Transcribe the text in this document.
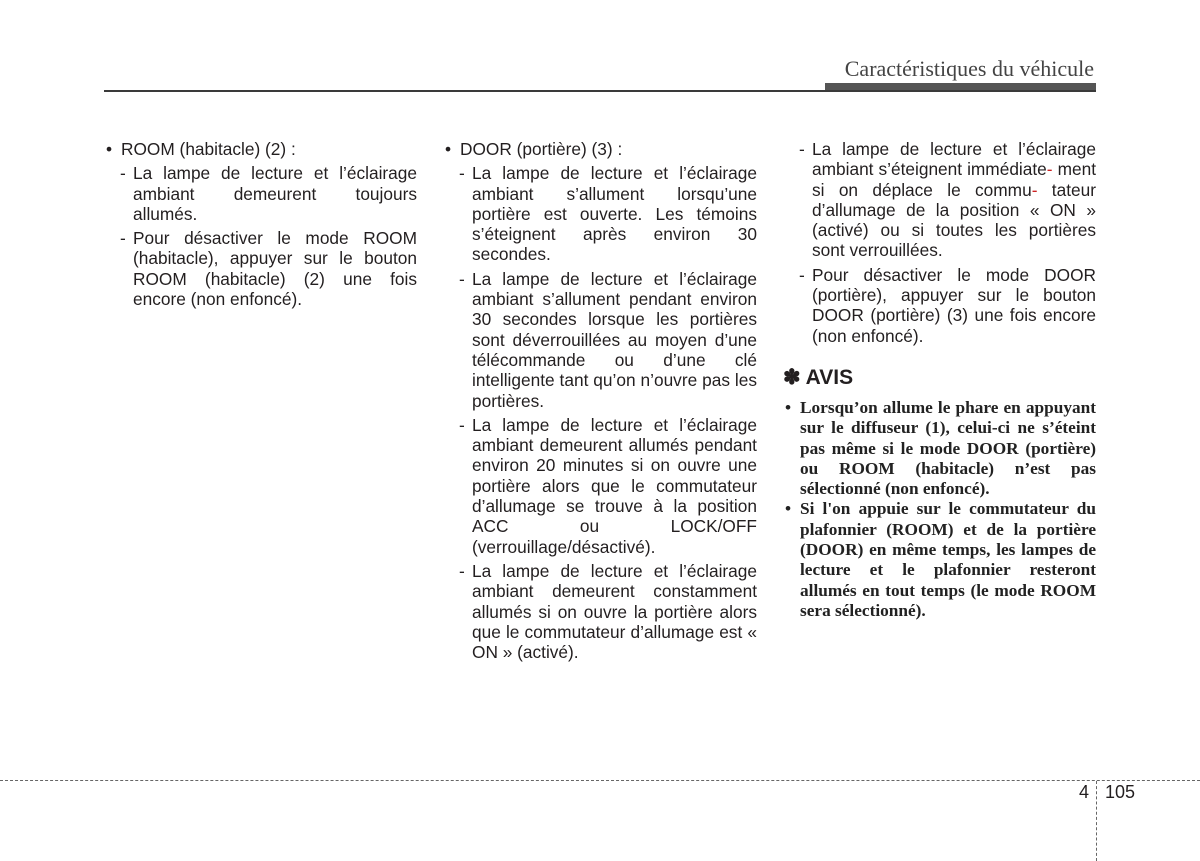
Caractéristiques du véhicule
• ROOM (habitacle) (2) :
- La lampe de lecture et l’éclairage ambiant demeurent toujours allumés.
- Pour désactiver le mode ROOM (habitacle), appuyer sur le bouton ROOM (habitacle) (2) une fois encore (non enfoncé).
• DOOR (portière) (3) :
- La lampe de lecture et l’éclairage ambiant s’allument lorsqu’une portière est ouverte. Les témoins s’éteignent après environ 30 secondes.
- La lampe de lecture et l’éclairage ambiant s’allument pendant environ 30 secondes lorsque les portières sont déverrouillées au moyen d’une télécommande ou d’une clé intelligente tant qu’on n’ouvre pas les portières.
- La lampe de lecture et l’éclairage ambiant demeurent allumés pendant environ 20 minutes si on ouvre une portière alors que le commutateur d’allumage se trouve à la position ACC ou LOCK/OFF (verrouillage/désactivé).
- La lampe de lecture et l’éclairage ambiant demeurent constamment allumés si on ouvre la portière alors que le commutateur d’allumage est « ON » (activé).
- La lampe de lecture et l’éclairage ambiant s’éteignent immédiate- ment si on déplace le commu- tateur d’allumage de la position « ON » (activé) ou si toutes les portières sont verrouillées.
- Pour désactiver le mode DOOR (portière), appuyer sur le bouton DOOR (portière) (3) une fois encore (non enfoncé).
✽ AVIS
• Lorsqu’on allume le phare en appuyant sur le diffuseur (1), celui-ci ne s’éteint pas même si le mode DOOR (portière) ou ROOM (habitacle) n’est pas sélectionné (non enfoncé).
• Si l'on appuie sur le commutateur du plafonnier (ROOM) et de la portière (DOOR) en même temps, les lampes de lecture et le plafonnier resteront allumés en tout temps (le mode ROOM sera sélectionné).
4 105
